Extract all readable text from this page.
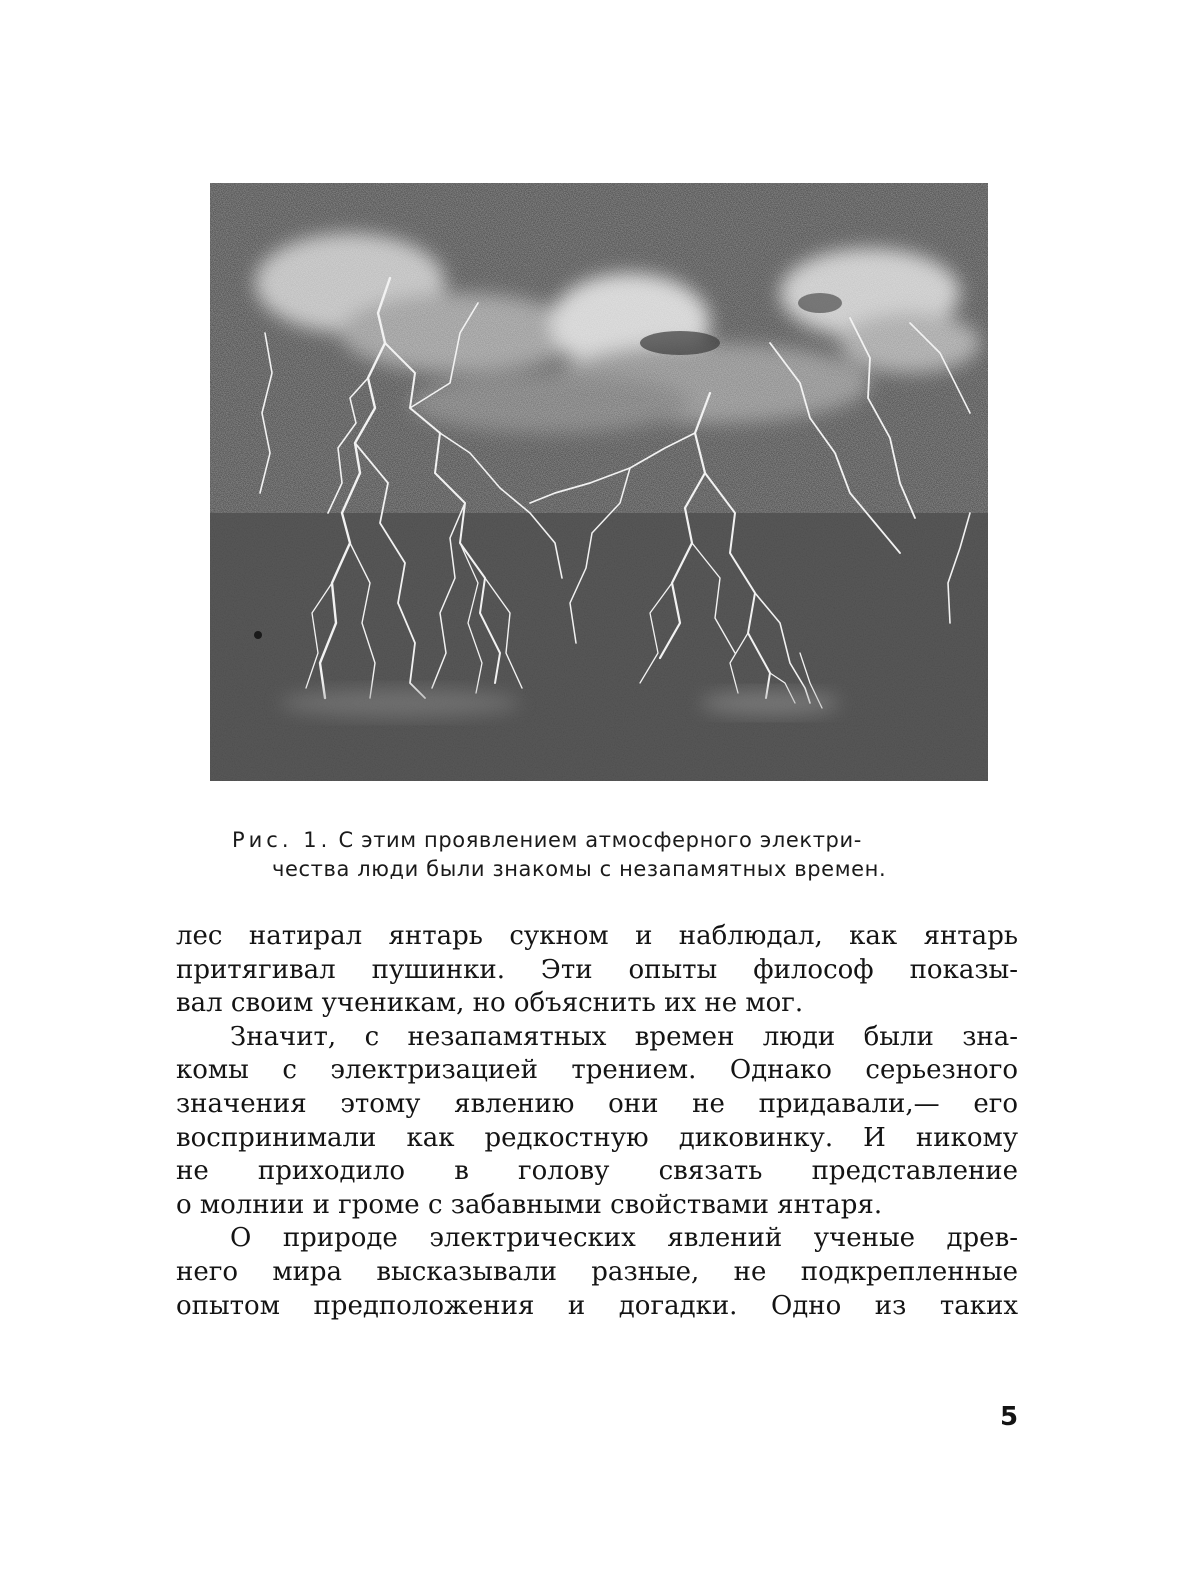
Рис. 1. С этим проявлением атмосферного электри-
чества люди были знакомы с незапамятных времен.
лес натирал янтарь сукном и наблюдал, как янтарь
притягивал пушинки. Эти опыты философ показы-
вал своим ученикам, но объяснить их не мог.
Значит, с незапамятных времен люди были зна-
комы с электризацией трением. Однако серьезного
значения этому явлению они не придавали,— его
воспринимали как редкостную диковинку. И никому
не приходило в голову связать представление
о молнии и громе с забавными свойствами янтаря.
О природе электрических явлений ученые древ-
него мира высказывали разные, не подкрепленные
опытом предположения и догадки. Одно из таких
5
